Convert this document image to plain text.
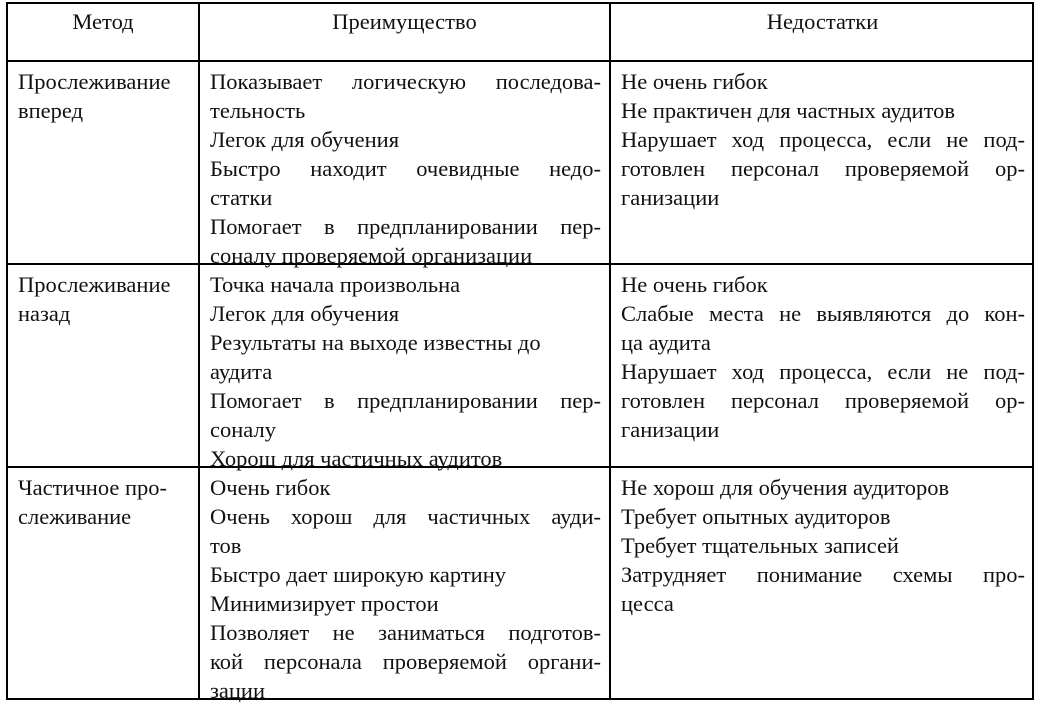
Метод	Преимущество	Недостатки
Прослеживание
вперед
Показывает логическую последова-
тельность
Легок для обучения
Быстро находит очевидные недо-
статки
Помогает в предпланировании пер-
соналу проверяемой организации
Не очень гибок
Не практичен для частных аудитов
Нарушает ход процесса, если не под-
готовлен персонал проверяемой ор-
ганизации
Прослеживание
назад
Точка начала произвольна
Легок для обучения
Результаты на выходе известны до
аудита
Помогает в предпланировании пер-
соналу
Хорош для частичных аудитов
Не очень гибок
Слабые места не выявляются до кон-
ца аудита
Нарушает ход процесса, если не под-
готовлен персонал проверяемой ор-
ганизации
Частичное про-
слеживание
Очень гибок
Очень хорош для частичных ауди-
тов
Быстро дает широкую картину
Минимизирует простои
Позволяет не заниматься подготов-
кой персонала проверяемой органи-
зации
Не хорош для обучения аудиторов
Требует опытных аудиторов
Требует тщательных записей
Затрудняет понимание схемы про-
цесса
